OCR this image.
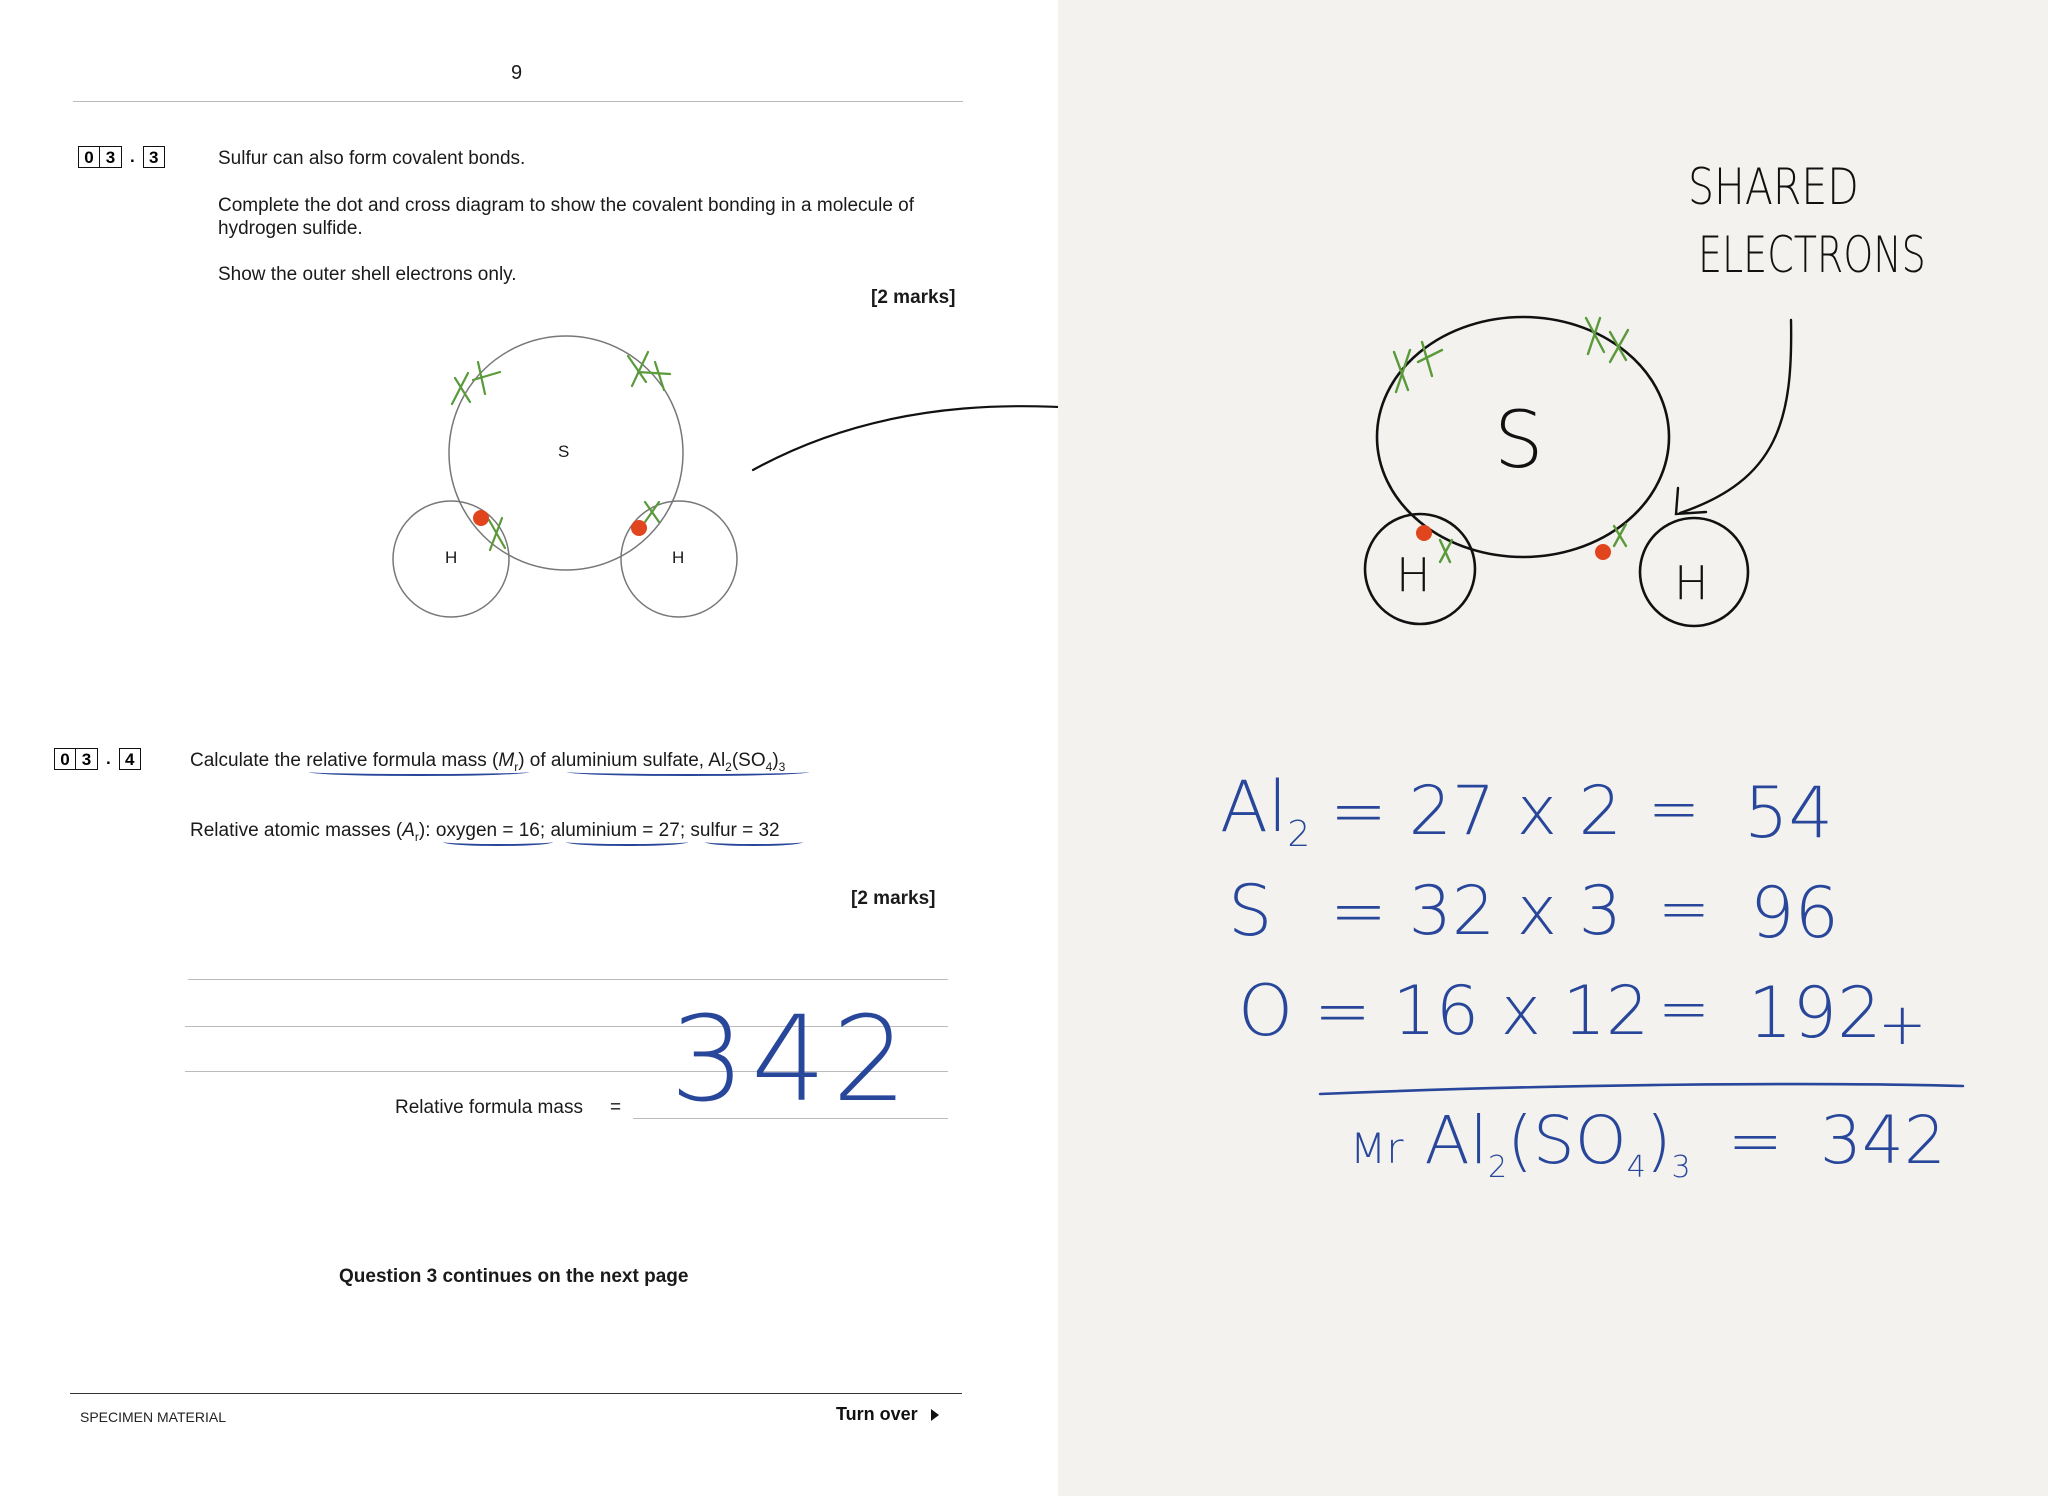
9
0 3 . 3	Sulfur can also form covalent bonds.
Complete the dot and cross diagram to show the covalent bonding in a molecule of
hydrogen sulfide.
Show the outer shell electrons only.
[2 marks]
S
H	H
0 3 . 4	Calculate the relative formula mass $(M_r)$ of aluminium sulfate, $Al_2(SO_4)_3$
Relative atomic masses $(A_r)$: oxygen = 16; aluminium = 27; sulfur = 32
[2 marks]
Relative formula mass = 342
Question 3 continues on the next page
SPECIMEN MATERIAL	Turn over
SHARED
ELECTRONS
S
H	H
$Al_2 = 27$ x 2 = 54
S = 32 x 3 = 96
O = 16 x 12 = 192
+
Mr $Al_2(SO_4)_3 = 342$
